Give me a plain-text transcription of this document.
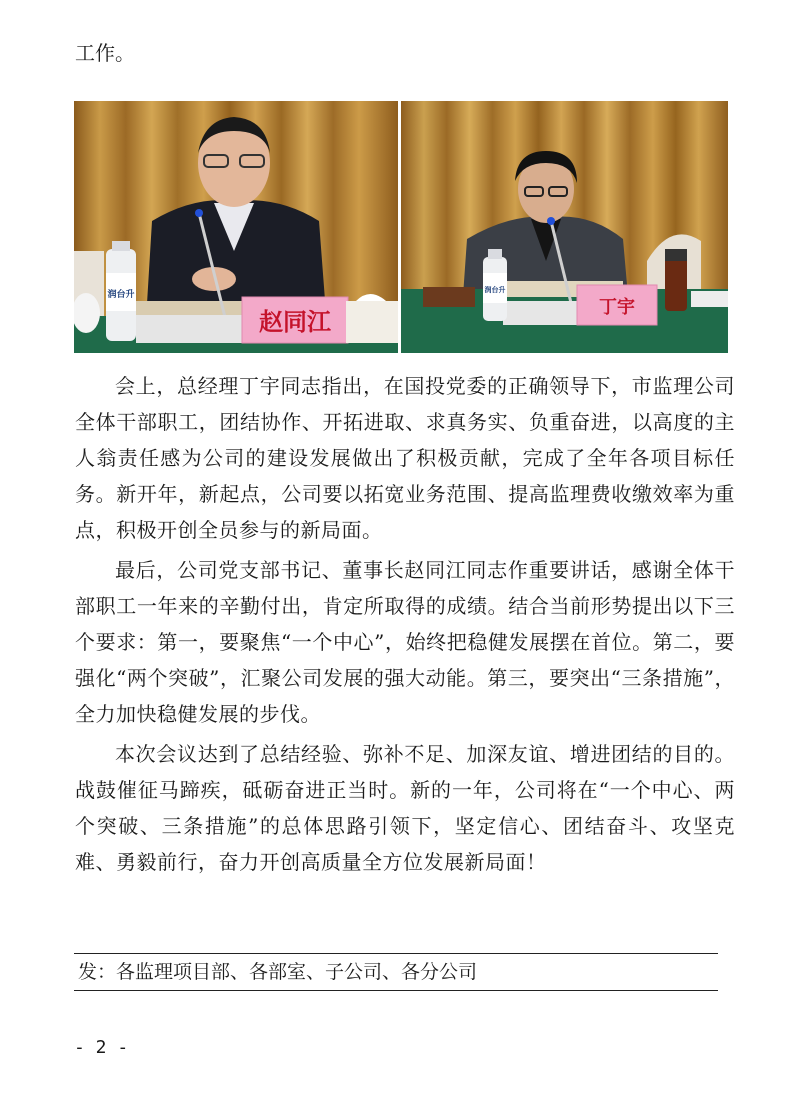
工作。

润台升
赵同江
润台升
丁宇

会上，总经理丁宇同志指出，在国投党委的正确领导下，市监理公司全体干部职工，团结协作、开拓进取、求真务实、负重奋进，以高度的主人翁责任感为公司的建设发展做出了积极贡献，完成了全年各项目标任务。新开年，新起点，公司要以拓宽业务范围、提高监理费收缴效率为重点，积极开创全员参与的新局面。

最后，公司党支部书记、董事长赵同江同志作重要讲话，感谢全体干部职工一年来的辛勤付出，肯定所取得的成绩。结合当前形势提出以下三个要求：第一，要聚焦“一个中心”，始终把稳健发展摆在首位。第二，要强化“两个突破”，汇聚公司发展的强大动能。第三，要突出“三条措施”，全力加快稳健发展的步伐。

本次会议达到了总结经验、弥补不足、加深友谊、增进团结的目的。战鼓催征马蹄疾，砥砺奋进正当时。新的一年，公司将在“一个中心、两个突破、三条措施”的总体思路引领下，坚定信心、团结奋斗、攻坚克难、勇毅前行，奋力开创高质量全方位发展新局面！

发：各监理项目部、各部室、子公司、各分公司

- 2 -
